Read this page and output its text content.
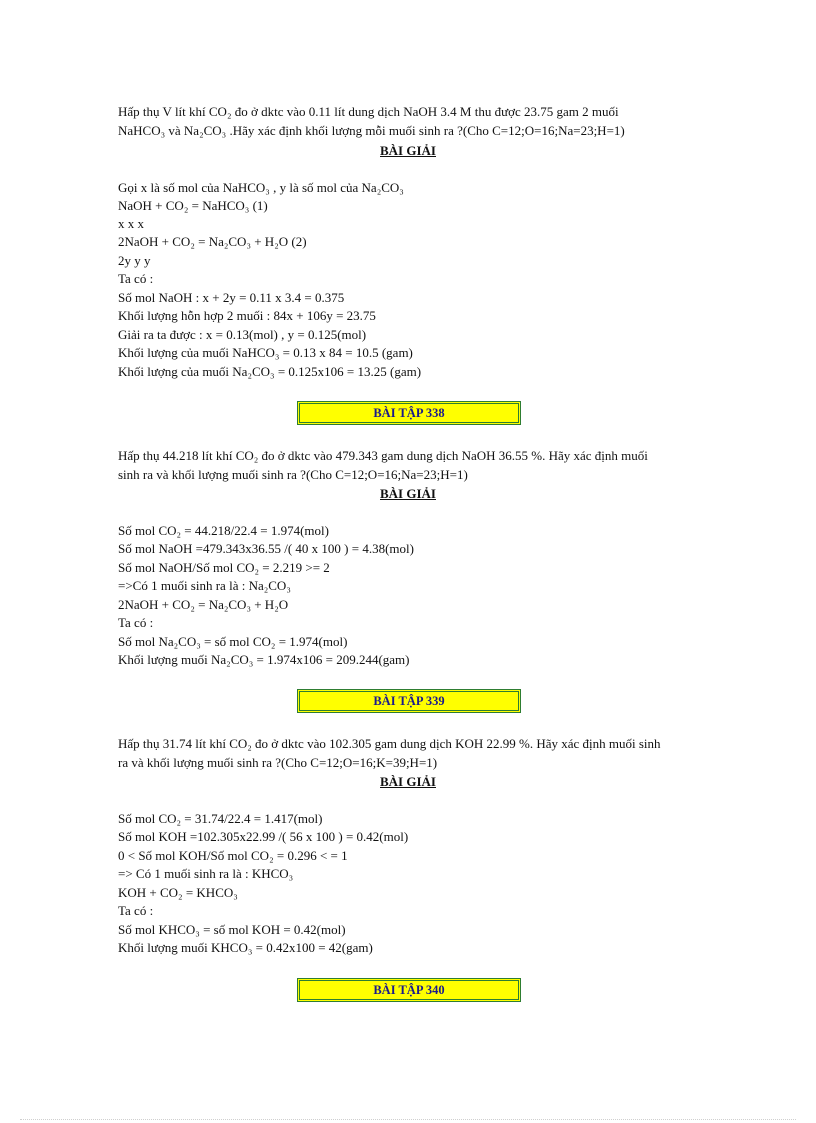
Hấp thụ V lít khí CO₂ đo ở dktc vào 0.11 lít dung dịch NaOH 3.4 M thu được 23.75 gam 2 muối
NaHCO₃ và Na₂CO₃ .Hãy xác định khối lượng mỗi muối sinh ra ?(Cho C=12;O=16;Na=23;H=1)
BÀI GIẢI
Gọi x là số mol của NaHCO₃ , y là số mol của Na₂CO₃
NaOH + CO₂ = NaHCO₃ (1)
x x x
2NaOH + CO₂ = Na₂CO₃ + H₂O (2)
2y y y
Ta có :
Số mol NaOH : x + 2y = 0.11 x 3.4 = 0.375
Khối lượng hỗn hợp 2 muối : 84x + 106y = 23.75
Giải ra ta được : x = 0.13(mol) , y = 0.125(mol)
Khối lượng của muối NaHCO₃ = 0.13 x 84 = 10.5 (gam)
Khối lượng của muối Na₂CO₃ = 0.125x106 = 13.25 (gam)
BÀI TẬP 338
Hấp thụ 44.218 lít khí CO₂ đo ở dktc vào 479.343 gam dung dịch NaOH 36.55 %. Hãy xác định muối
sinh ra và khối lượng muối sinh ra ?(Cho C=12;O=16;Na=23;H=1)
BÀI GIẢI
Số mol CO₂ = 44.218/22.4 = 1.974(mol)
Số mol NaOH =479.343x36.55 /( 40 x 100 ) = 4.38(mol)
Số mol NaOH/Số mol CO₂ = 2.219 >= 2
=>Có 1 muối sinh ra là : Na₂CO₃
2NaOH + CO₂ = Na₂CO₃ + H₂O
Ta có :
Số mol Na₂CO₃ = số mol CO₂ = 1.974(mol)
Khối lượng muối Na₂CO₃ = 1.974x106 = 209.244(gam)
BÀI TẬP 339
Hấp thụ 31.74 lít khí CO₂ đo ở dktc vào 102.305 gam dung dịch KOH 22.99 %. Hãy xác định muối sinh
ra và khối lượng muối sinh ra ?(Cho C=12;O=16;K=39;H=1)
BÀI GIẢI
Số mol CO₂ = 31.74/22.4 = 1.417(mol)
Số mol KOH =102.305x22.99 /( 56 x 100 ) = 0.42(mol)
0 < Số mol KOH/Số mol CO₂ = 0.296 < = 1
=> Có 1 muối sinh ra là : KHCO₃
KOH + CO₂ = KHCO₃
Ta có :
Số mol KHCO₃ = số mol KOH = 0.42(mol)
Khối lượng muối KHCO₃ = 0.42x100 = 42(gam)
BÀI TẬP 340
